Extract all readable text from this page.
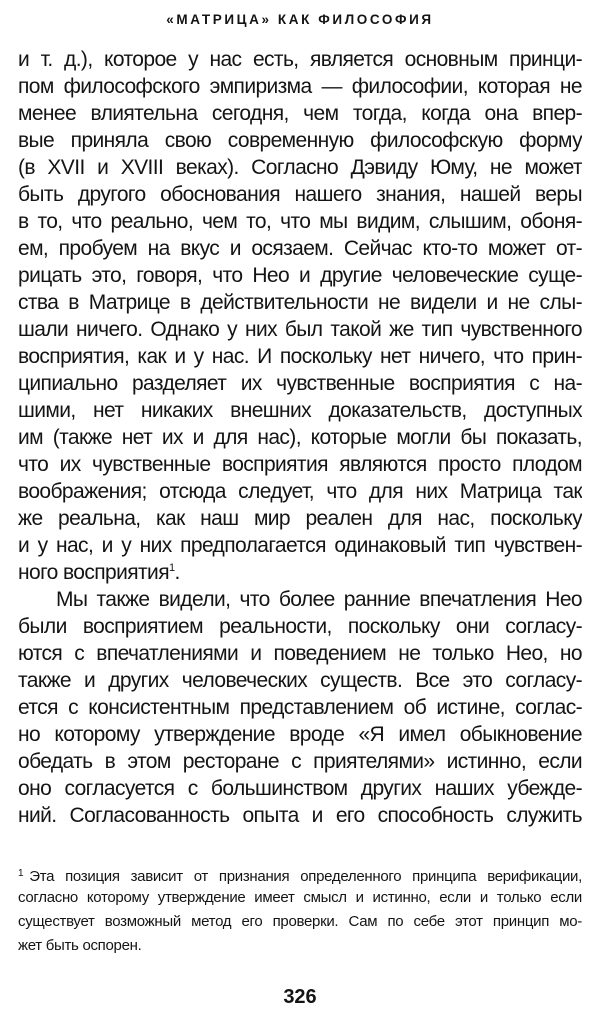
«МАТРИЦА» КАК ФИЛОСОФИЯ
и т. д.), которое у нас есть, является основным принци-
пом философского эмпиризма — философии, которая не
менее влиятельна сегодня, чем тогда, когда она впер-
вые приняла свою современную философскую форму
(в XVII и XVIII веках). Согласно Дэвиду Юму, не может
быть другого обоснования нашего знания, нашей веры
в то, что реально, чем то, что мы видим, слышим, обоня-
ем, пробуем на вкус и осязаем. Сейчас кто-то может от-
рицать это, говоря, что Нео и другие человеческие суще-
ства в Матрице в действительности не видели и не слы-
шали ничего. Однако у них был такой же тип чувственного
восприятия, как и у нас. И поскольку нет ничего, что прин-
ципиально разделяет их чувственные восприятия с на-
шими, нет никаких внешних доказательств, доступных
им (также нет их и для нас), которые могли бы показать,
что их чувственные восприятия являются просто плодом
воображения; отсюда следует, что для них Матрица так
же реальна, как наш мир реален для нас, поскольку
и у нас, и у них предполагается одинаковый тип чувствен-
ного восприятия$^1$.
Мы также видели, что более ранние впечатления Нео
были восприятием реальности, поскольку они согласу-
ются с впечатлениями и поведением не только Нео, но
также и других человеческих существ. Все это согласу-
ется с консистентным представлением об истине, соглас-
но которому утверждение вроде «Я имел обыкновение
обедать в этом ресторане с приятелями» истинно, если
оно согласуется с большинством других наших убежде-
ний. Согласованность опыта и его способность служить
$^1$ Эта позиция зависит от признания определенного принципа верификации,
согласно которому утверждение имеет смысл и истинно, если и только если
существует возможный метод его проверки. Сам по себе этот принцип мо-
жет быть оспорен.
326
